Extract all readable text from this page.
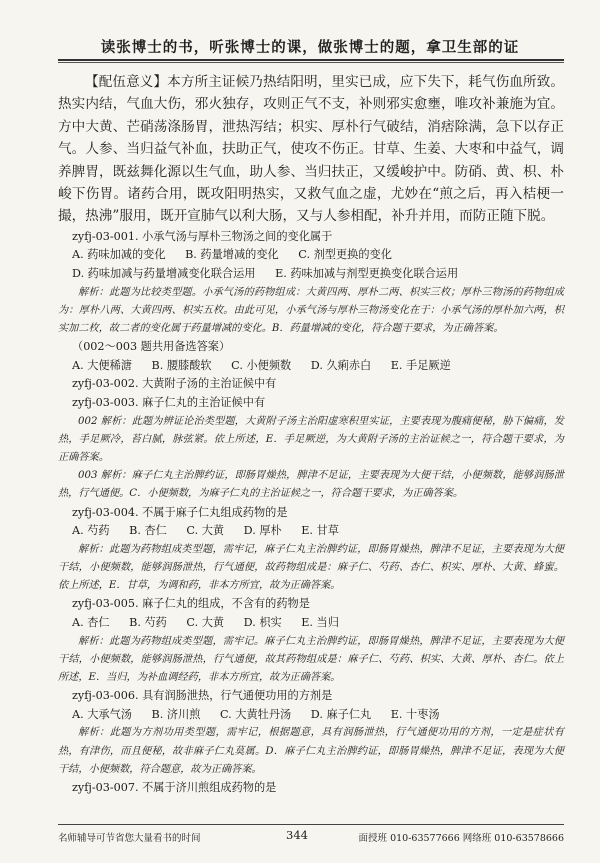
读张博士的书，听张博士的课，做张博士的题，拿卫生部的证

【配伍意义】本方所主证候乃热结阳明，里实已成，应下失下，耗气伤血所致。热实内结，气血大伤，邪火独存，攻则正气不支，补则邪实愈壅，唯攻补兼施为宜。方中大黄、芒硝荡涤肠胃，泄热泻结；枳实、厚朴行气破结，消痞除满，急下以存正气。人参、当归益气补血，扶助正气，使攻不伤正。甘草、生姜、大枣和中益气，调养脾胃，既兹舞化源以生气血，助人参、当归扶正，又缓峻护中。防硝、黄、枳、朴峻下伤胃。诸药合用，既攻阳明热实，又救气血之虚，尤妙在“煎之后，再入桔梗一撮，热沸”服用，既开宣肺气以利大肠，又与人参相配，补升并用，而防正随下脱。

zyfj-03-001. 小承气汤与厚朴三物汤之间的变化属于

A. 药味加减的变化 B. 药量增减的变化 C. 剂型更换的变化

D. 药味加减与药量增减变化联合运用 E. 药味加减与剂型更换变化联合运用

解析：此题为比较类型题。小承气汤的药物组成：大黄四两、厚朴二两、枳实三枚；厚朴三物汤的药物组成为：厚朴八两、大黄四两、枳实五枚。由此可见，小承气汤与厚朴三物汤变化在于：小承气汤的厚朴加六两，枳实加二枚，故二者的变化属于药量增减的变化。B．药量增减的变化，符合题干要求，为正确答案。

（002～003 题共用备选答案）

A. 大便稀溏 B. 腰膝酸软 C. 小便频数 D. 久痢赤白 E. 手足厥逆

zyfj-03-002. 大黄附子汤的主治证候中有

zyfj-03-003. 麻子仁丸的主治证候中有

002 解析：此题为辨证论治类型题，大黄附子汤主治阳虚寒积里实证，主要表现为腹痛便秘，胁下偏痛，发热，手足厥冷，苔白腻，脉弦紧。依上所述，E．手足厥逆，为大黄附子汤的主治证候之一，符合题干要求，为正确答案。

003 解析：麻子仁丸主治脾约证，即肠胃燥热，脾津不足证，主要表现为大便干结，小便频数，能够润肠泄热，行气通便。C．小便频数，为麻子仁丸的主治证候之一，符合题干要求，为正确答案。

zyfj-03-004. 不属于麻子仁丸组成药物的是

A. 芍药 B. 杏仁 C. 大黄 D. 厚朴 E. 甘草

解析：此题为药物组成类型题，需牢记，麻子仁丸主治脾约证，即肠胃燥热，脾津不足证，主要表现为大便干结，小便频数，能够润肠泄热，行气通便，故药物组成是：麻子仁、芍药、杏仁、枳实、厚朴、大黄、蜂蜜。依上所述，E．甘草，为调和药，非本方所宜，故为正确答案。

zyfj-03-005. 麻子仁丸的组成，不含有的药物是

A. 杏仁 B. 芍药 C. 大黄 D. 枳实 E. 当归

解析：此题为药物组成类型题，需牢记。麻子仁丸主治脾约证，即肠胃燥热，脾津不足证，主要表现为大便干结，小便频数，能够润肠泄热，行气通便，故其药物组成是：麻子仁、芍药、枳实、大黄、厚朴、杏仁。依上所述，E．当归，为补血调经药，非本方所宜，故为正确答案。

zyfj-03-006. 具有润肠泄热，行气通便功用的方剂是

A. 大承气汤 B. 济川煎 C. 大黄牡丹汤 D. 麻子仁丸 E. 十枣汤

解析：此题为方剂功用类型题，需牢记，根据题意，具有润肠泄热，行气通便功用的方剂，一定是症状有热，有津伤，而且便秘，故非麻子仁丸莫属。D．麻子仁丸主治脾约证，即肠胃燥热，脾津不足证，表现为大便干结，小便频数，符合题意，故为正确答案。

zyfj-03-007. 不属于济川煎组成药物的是

名师辅导可节省您大量看书的时间	344	面授班 010-63577666 网络班 010-63578666
